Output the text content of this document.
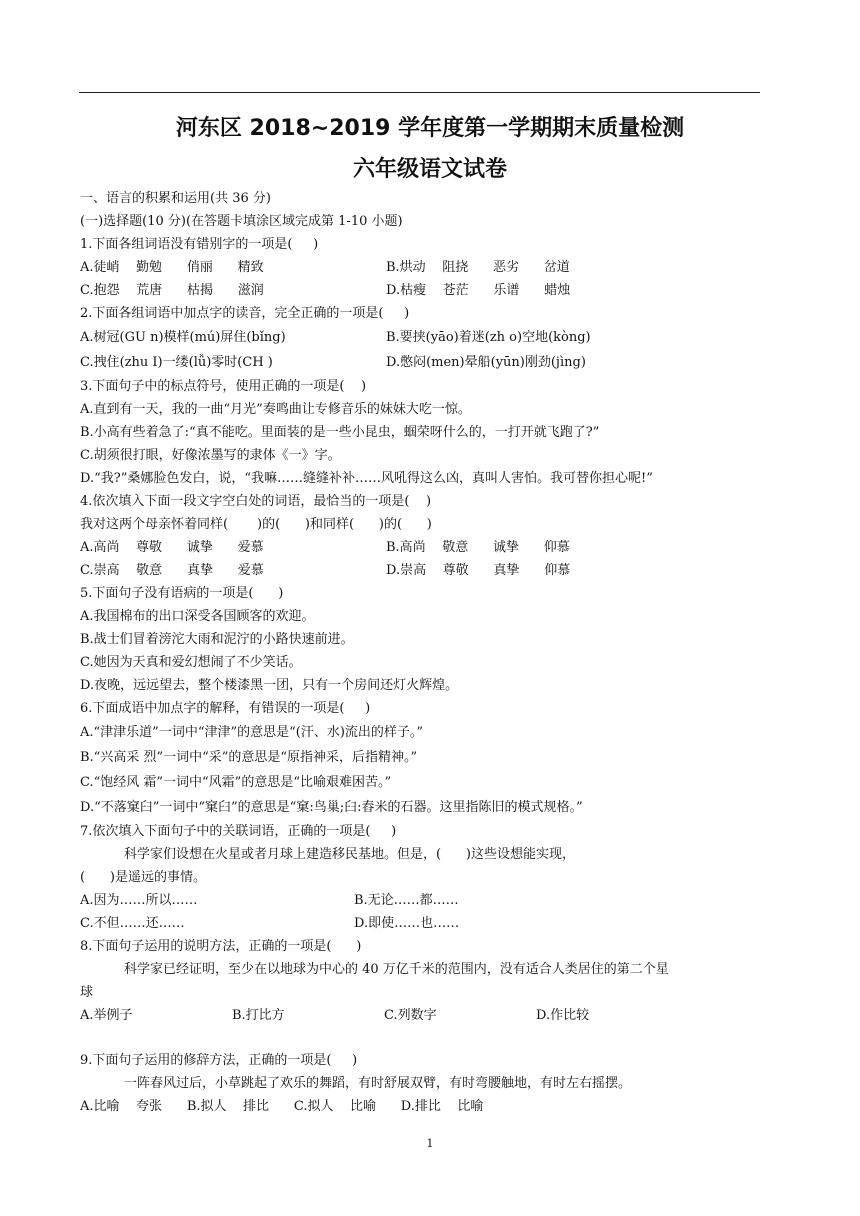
河东区 2018~2019 学年度第一学期期末质量检测
六年级语文试卷
一、语言的积累和运用(共 36 分)
(一)选择题(10 分)(在答题卡填涂区域完成第 1-10 小题)
1.下面各组词语没有错别字的一项是(     )

A.徒峭    勤勉      俏丽      精致

	B.烘动    阻挠      恶劣      岔道

C.抱怨    荒唐      枯揭      滋润

	D.枯瘦    苍茫      乐谱      蜡烛

2.下面各组词语中加点字的读音，完全正确的一项是(     )

A.树冠(GU n)模样(mú)屏住(bǐng)

	B.要挟(yāo)着迷(zh o)空地(kòng)

C.拽住(zhu I)一缕(lǚ)零时(CH )

	D.憋闷(men)晕船(yūn)刚劲(jìng)

3.下面句子中的标点符号，使用正确的一项是(    )
A.直到有一天，我的一曲“月光”奏鸣曲让专修音乐的妹妹大吃一惊。
B.小高有些着急了:“真不能吃。里面装的是一些小昆虫，蝈荣呀什么的，一打开就飞跑了?”
C.胡须很打眼，好像浓墨写的隶体《一》字。
D.“我?”桑娜脸色发白，说，“我嘛……缝缝补补……风吼得这么凶，真叫人害怕。我可替你担心呢!”
4.依次填入下面一段文字空白处的词语，最恰当的一项是(    )
我对这两个母亲怀着同样(       )的(      )和同样(      )的(      )

A.高尚    尊敬      诚挚      爱慕

	B.高尚    敬意      诚挚      仰慕

C.崇高    敬意      真挚      爱慕

	D.崇高    尊敬      真挚      仰慕

5.下面句子没有语病的一项是(      )
A.我国棉布的出口深受各国顾客的欢迎。
B.战士们冒着滂沱大雨和泥泞的小路快速前进。
C.她因为天真和爱幻想闹了不少笑话。
D.夜晚，远远望去，整个楼漆黑一团，只有一个房间还灯火辉煌。
6.下面成语中加点字的解释，有错误的一项是(     )
A.“津津乐道”一词中“津津”的意思是“(汗、水)流出的样子。”
B.“兴高采 烈”一词中“采”的意思是“原指神采，后指精神。”
C.“饱经风 霜”一词中“风霜”的意思是“比喻艰难困苦。”
D.“不落窠臼”一词中“窠臼”的意思是“窠:鸟巢;臼:舂米的石器。这里指陈旧的模式规格。”
7.依次填入下面句子中的关联词语，正确的一项是(     )
科学家们设想在火星或者月球上建造移民基地。但是，(      )这些设想能实现，
(      )是遥远的事情。

A.因为……所以……

	B.无论……都……

C.不但……还……

	D.即使……也……

8.下面句子运用的说明方法，正确的一项是(      )
科学家已经证明，至少在以地球为中心的 40 万亿千米的范围内，没有适合人类居住的第二个星
球

A.举例子

	B.打比方

	C.列数字

	D.作比较

9.下面句子运用的修辞方法，正确的一项是(     )
一阵春风过后，小草跳起了欢乐的舞蹈，有时舒展双臂，有时弯腰触地，有时左右摇摆。
A.比喻    夸张      B.拟人    排比      C.拟人    比喻      D.排比    比喻
1
